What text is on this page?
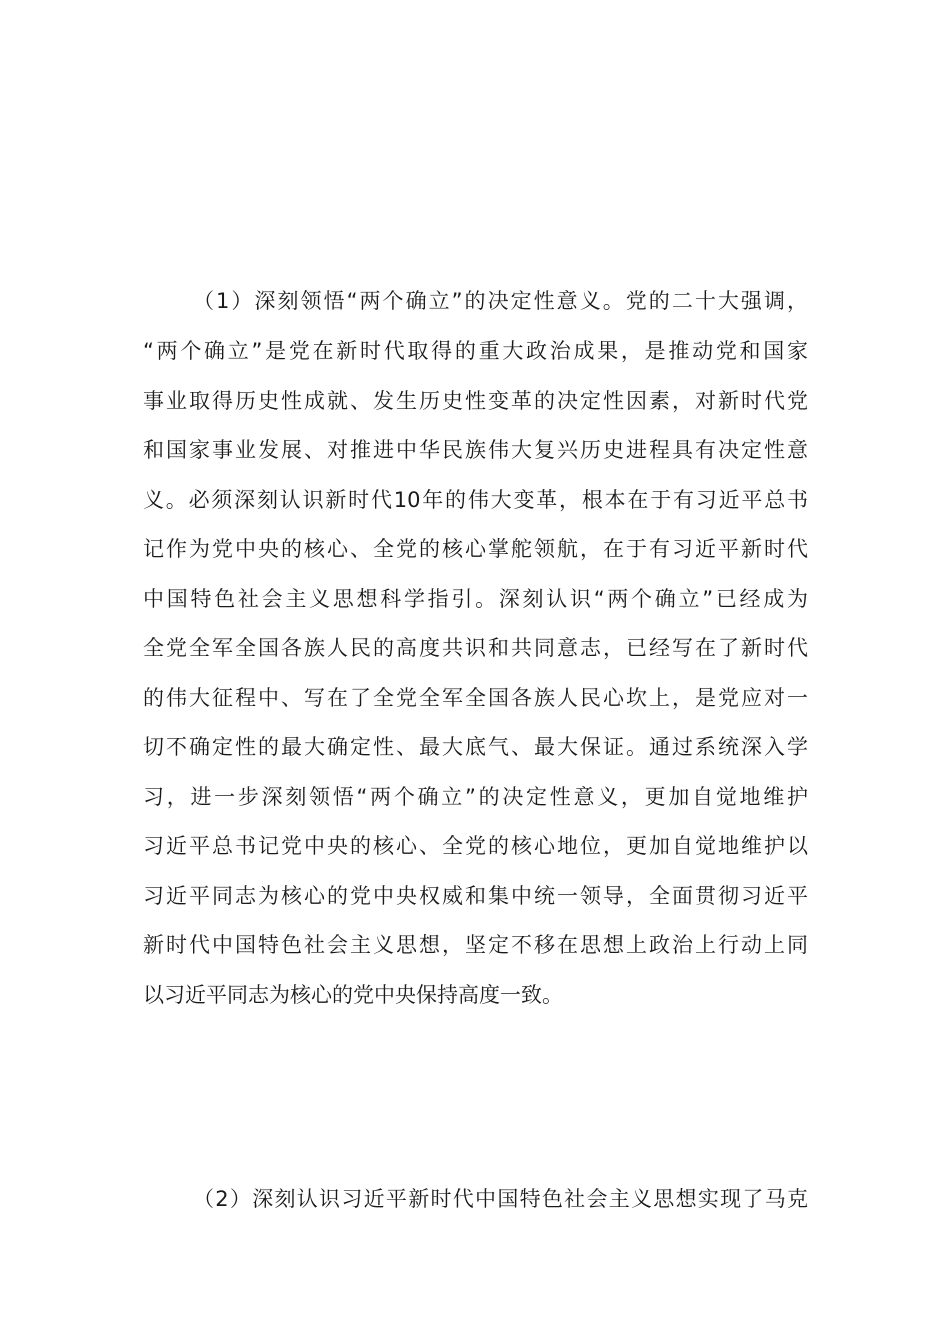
（1）深刻领悟“两个确立”的决定性意义。党的二十大强调，
“两个确立”是党在新时代取得的重大政治成果，是推动党和国家
事业取得历史性成就、发生历史性变革的决定性因素，对新时代党
和国家事业发展、对推进中华民族伟大复兴历史进程具有决定性意
义。必须深刻认识新时代10年的伟大变革，根本在于有习近平总书
记作为党中央的核心、全党的核心掌舵领航，在于有习近平新时代
中国特色社会主义思想科学指引。深刻认识“两个确立”已经成为
全党全军全国各族人民的高度共识和共同意志，已经写在了新时代
的伟大征程中、写在了全党全军全国各族人民心坎上，是党应对一
切不确定性的最大确定性、最大底气、最大保证。通过系统深入学
习，进一步深刻领悟“两个确立”的决定性意义，更加自觉地维护
习近平总书记党中央的核心、全党的核心地位，更加自觉地维护以
习近平同志为核心的党中央权威和集中统一领导，全面贯彻习近平
新时代中国特色社会主义思想，坚定不移在思想上政治上行动上同
以习近平同志为核心的党中央保持高度一致。
（2）深刻认识习近平新时代中国特色社会主义思想实现了马克
